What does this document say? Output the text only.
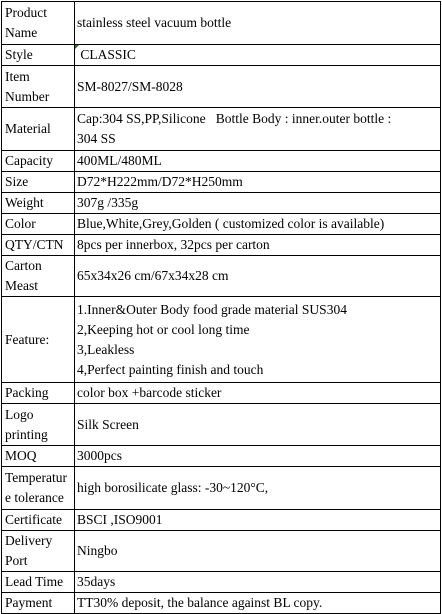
Product Name	stainless steel vacuum bottle

Style	CLASSIC

Item Number	SM-8027/SM-8028

Material	Cap:304 SS,PP,Silicone   Bottle Body : inner.outer bottle :
304 SS

Capacity	400ML/480ML

Size	D72*H222mm/D72*H250mm

Weight	307g /335g

Color	Blue,White,Grey,Golden ( customized color is available)

QTY/CTN	8pcs per innerbox, 32pcs per carton

Carton Meast	65x34x26 cm/67x34x28 cm

Feature:	1.Inner&Outer Body food grade material SUS304
2,Keeping hot or cool long time
3,Leakless
4,Perfect painting finish and touch

Packing	color box +barcode sticker

Logo printing	Silk Screen

MOQ	3000pcs

Temperature tolerance	high borosilicate glass: -30~120°C,

Certificate	BSCI ,ISO9001

Delivery Port	Ningbo

Lead Time	35days

Payment	TT30% deposit, the balance against BL copy.
